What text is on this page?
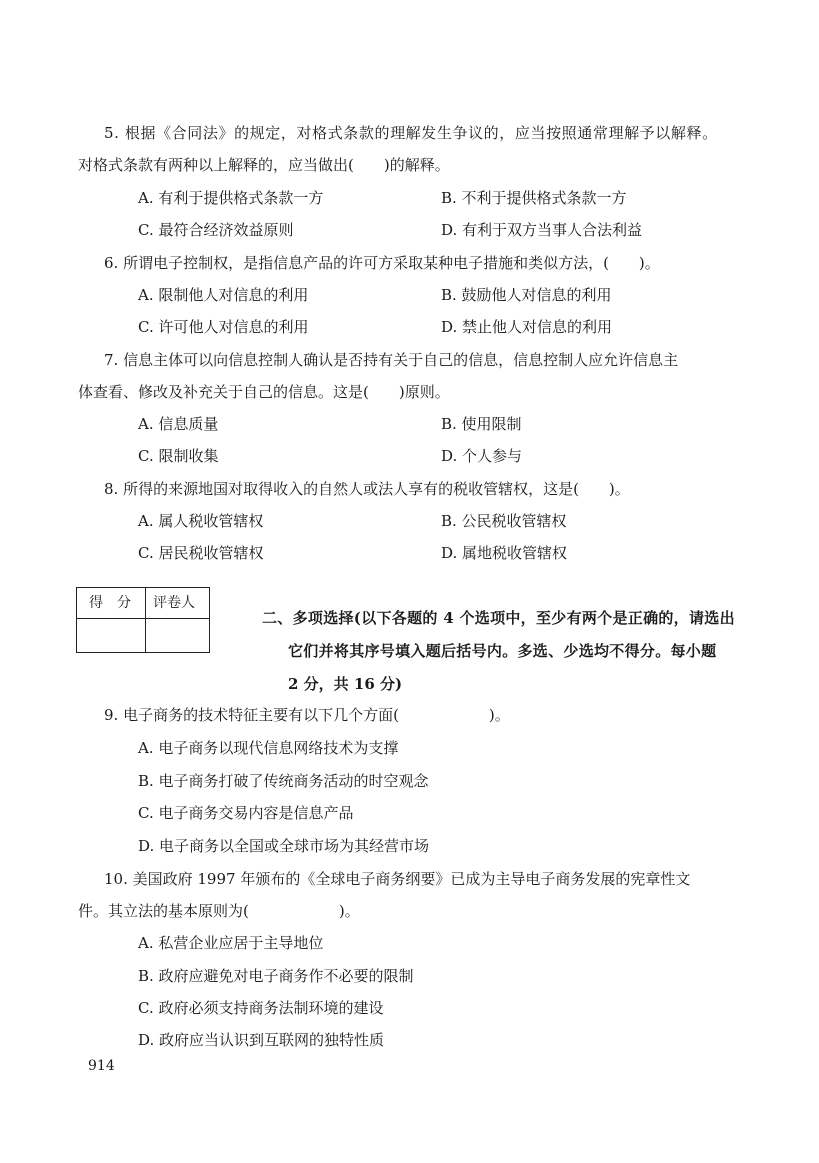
5. 根据《合同法》的规定，对格式条款的理解发生争议的，应当按照通常理解予以解释。
对格式条款有两种以上解释的，应当做出(　　)的解释。
A. 有利于提供格式条款一方	B. 不利于提供格式条款一方
C. 最符合经济效益原则	D. 有利于双方当事人合法利益
6. 所谓电子控制权，是指信息产品的许可方采取某种电子措施和类似方法，(　　)。
A. 限制他人对信息的利用	B. 鼓励他人对信息的利用
C. 许可他人对信息的利用	D. 禁止他人对信息的利用
7. 信息主体可以向信息控制人确认是否持有关于自己的信息，信息控制人应允许信息主
体查看、修改及补充关于自己的信息。这是(　　)原则。
A. 信息质量	B. 使用限制
C. 限制收集	D. 个人参与
8. 所得的来源地国对取得收入的自然人或法人享有的税收管辖权，这是(　　)。
A. 属人税收管辖权	B. 公民税收管辖权
C. 居民税收管辖权	D. 属地税收管辖权
得　分 评卷人
二、多项选择(以下各题的 4 个选项中，至少有两个是正确的，请选出
它们并将其序号填入题后括号内。多选、少选均不得分。每小题
2 分，共 16 分)
9. 电子商务的技术特征主要有以下几个方面(　　　　　　)。
A. 电子商务以现代信息网络技术为支撑
B. 电子商务打破了传统商务活动的时空观念
C. 电子商务交易内容是信息产品
D. 电子商务以全国或全球市场为其经营市场
10. 美国政府 1997 年颁布的《全球电子商务纲要》已成为主导电子商务发展的宪章性文
件。其立法的基本原则为(　　　　　　)。
A. 私营企业应居于主导地位
B. 政府应避免对电子商务作不必要的限制
C. 政府必须支持商务法制环境的建设
D. 政府应当认识到互联网的独特性质
914
